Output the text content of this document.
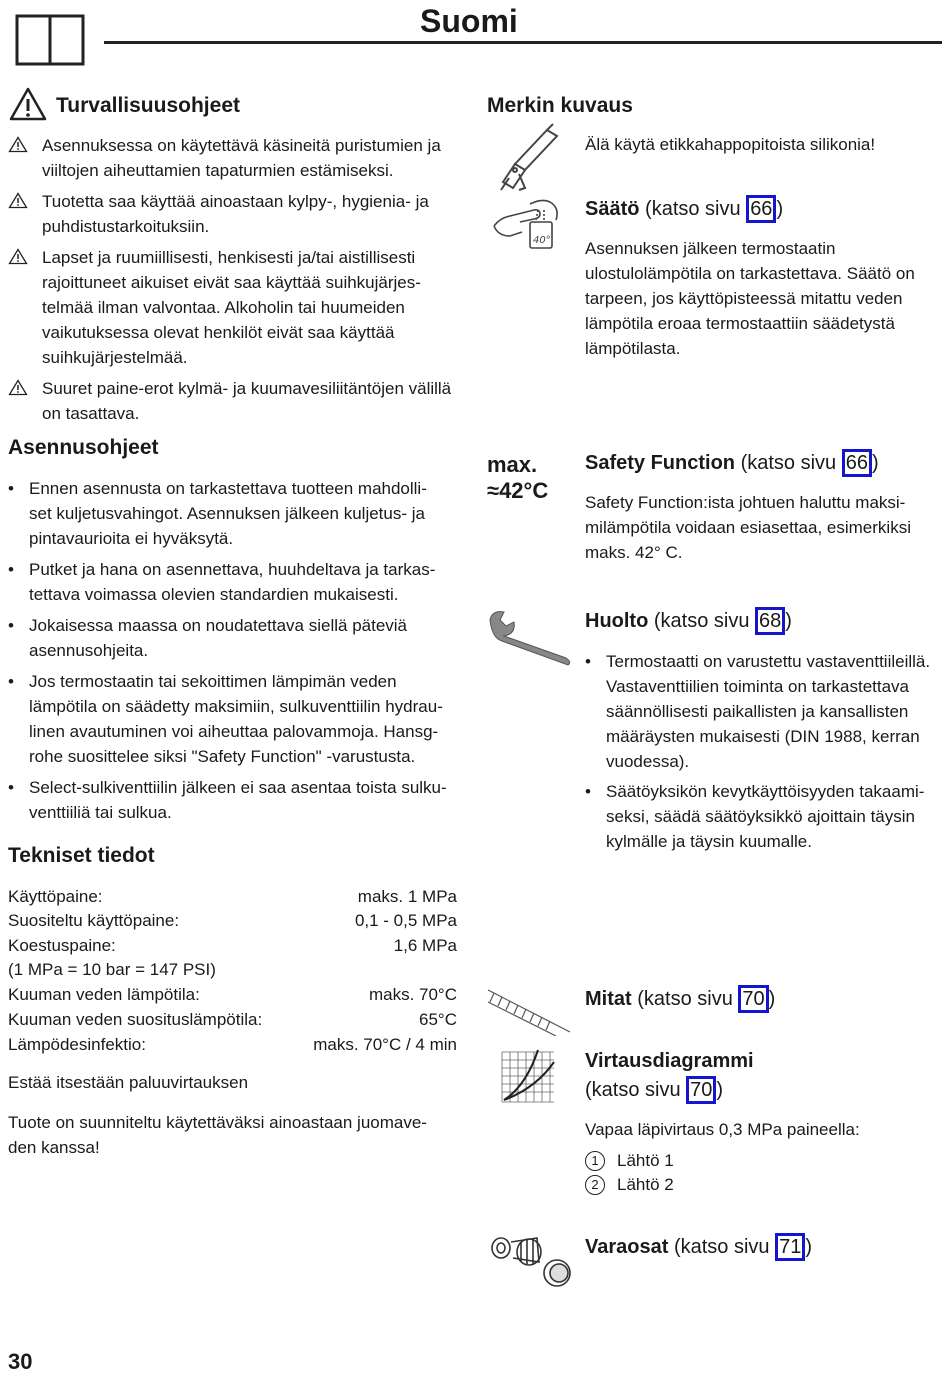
Suomi
Turvallisuusohjeet
Asennuksessa on käytettävä käsineitä puristumien ja viiltojen aiheuttamien tapaturmien estämiseksi.
Tuotetta saa käyttää ainoastaan kylpy-, hygienia- ja puhdistustarkoituksiin.
Lapset ja ruumiillisesti, henkisesti ja/tai aistillisesti rajoittuneet aikuiset eivät saa käyttää suihkujärjes-telmää ilman valvontaa. Alkoholin tai huumeiden vaikutuksessa olevat henkilöt eivät saa käyttää suihkujärjestelmää.
Suuret paine-erot kylmä- ja kuumavesiliitäntöjen välillä on tasattava.
Asennusohjeet
• Ennen asennusta on tarkastettava tuotteen mahdolli-set kuljetusvahingot. Asennuksen jälkeen kuljetus- ja pintavaurioita ei hyväksytä.
• Putket ja hana on asennettava, huuhdeltava ja tarkas-tettava voimassa olevien standardien mukaisesti.
• Jokaisessa maassa on noudatettava siellä päteviä asennusohjeita.
• Jos termostaatin tai sekoittimen lämpimän veden lämpötila on säädetty maksimiin, sulkuventtiilin hydrau-linen avautuminen voi aiheuttaa palovammoja. Hansg-rohe suosittelee siksi "Safety Function" -varustusta.
• Select-sulkiventtiilin jälkeen ei saa asentaa toista sulku-venttiiliä tai sulkua.
Tekniset tiedot
Käyttöpaine:	maks. 1 MPa
Suositeltu käyttöpaine:	0,1 - 0,5 MPa
Koestuspaine:	1,6 MPa
(1 MPa = 10 bar = 147 PSI)
Kuuman veden lämpötila:	maks. 70°C
Kuuman veden suosituslämpötila:	65°C
Lämpödesinfektio:	maks. 70°C / 4 min
Estää itsestään paluuvirtauksen
Tuote on suunniteltu käytettäväksi ainoastaan juomave-den kanssa!
30
Merkin kuvaus
Älä käytä etikkahappopitoista silikonia!
40°
Säätö (katso sivu 66 )
Asennuksen jälkeen termostaatin ulostulolämpötila on tarkastettava. Säätö on tarpeen, jos käyttöpisteessä mitattu veden lämpötila eroaa termostaattiin säädetystä lämpötilasta.
max.
≈42°C
Safety Function (katso sivu 66 )
Safety Function:ista johtuen haluttu maksi-milämpötila voidaan esiasettaa, esimerkiksi maks. 42° C.
Huolto (katso sivu 68 )
• Termostaatti on varustettu vastaventtiileillä. Vastaventtiilien toiminta on tarkastettava säännöllisesti paikallisten ja kansallisten määräysten mukaisesti (DIN 1988, kerran vuodessa).
• Säätöyksikön kevytkäyttöisyyden takaami-seksi, säädä säätöyksikkö ajoittain täysin kylmälle ja täysin kuumalle.
Mitat (katso sivu 70 )
Virtausdiagrammi
(katso sivu 70 )
Vapaa läpivirtaus 0,3 MPa paineella:
1	Lähtö 1
2	Lähtö 2
Varaosat (katso sivu 71 )
